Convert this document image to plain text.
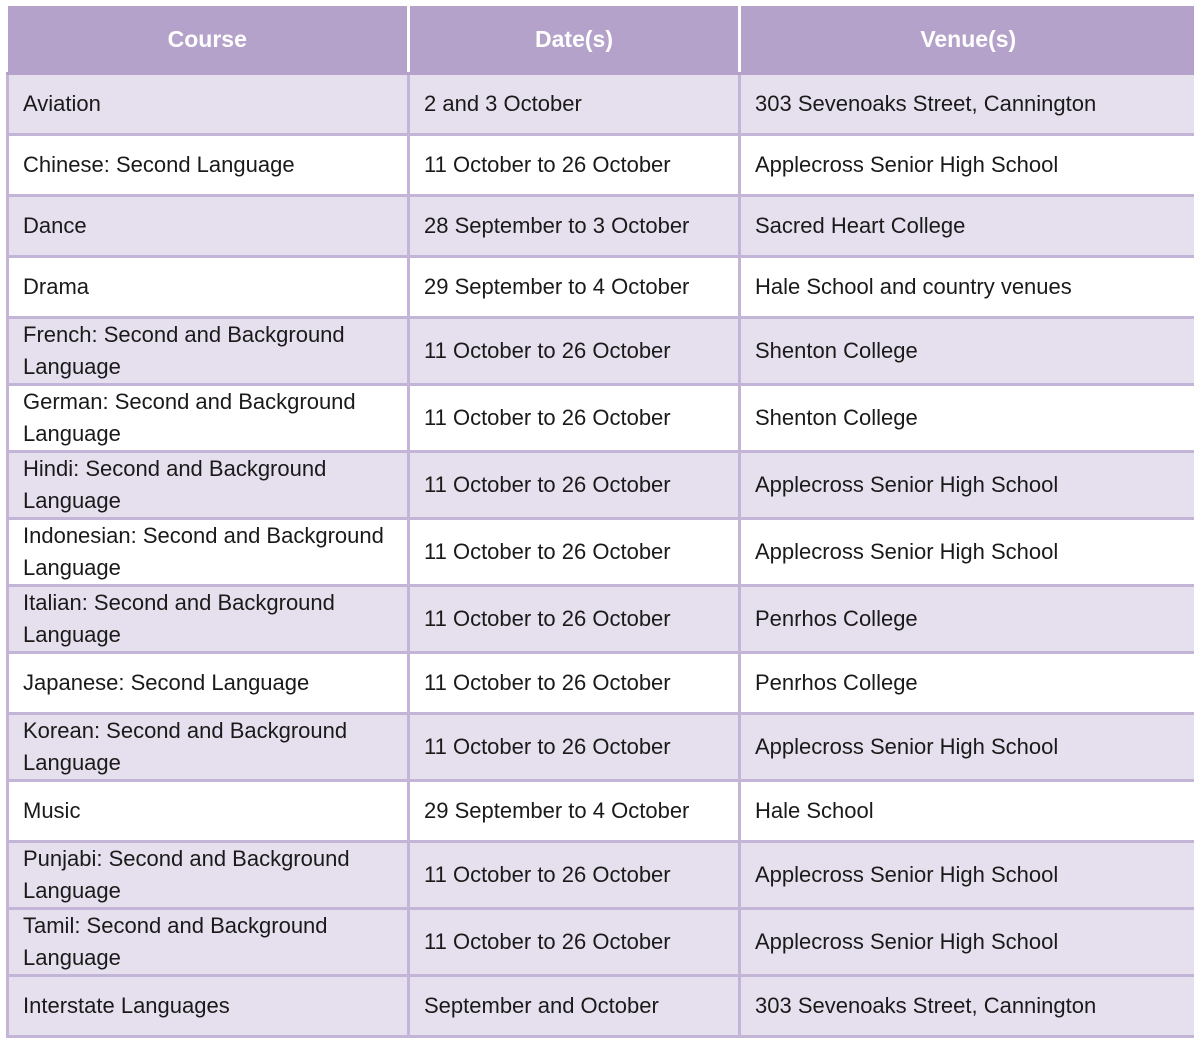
Course	Date(s)	Venue(s)
Aviation	2 and 3 October	303 Sevenoaks Street, Cannington
Chinese: Second Language	11 October to 26 October	Applecross Senior High School
Dance	28 September to 3 October	Sacred Heart College
Drama	29 September to 4 October	Hale School and country venues
French: Second and Background Language	11 October to 26 October	Shenton College
German: Second and Background Language	11 October to 26 October	Shenton College
Hindi: Second and Background Language	11 October to 26 October	Applecross Senior High School
Indonesian: Second and Background Language	11 October to 26 October	Applecross Senior High School
Italian: Second and Background Language	11 October to 26 October	Penrhos College
Japanese: Second Language	11 October to 26 October	Penrhos College
Korean: Second and Background Language	11 October to 26 October	Applecross Senior High School
Music	29 September to 4 October	Hale School
Punjabi: Second and Background Language	11 October to 26 October	Applecross Senior High School
Tamil: Second and Background Language	11 October to 26 October	Applecross Senior High School
Interstate Languages	September and October	303 Sevenoaks Street, Cannington
